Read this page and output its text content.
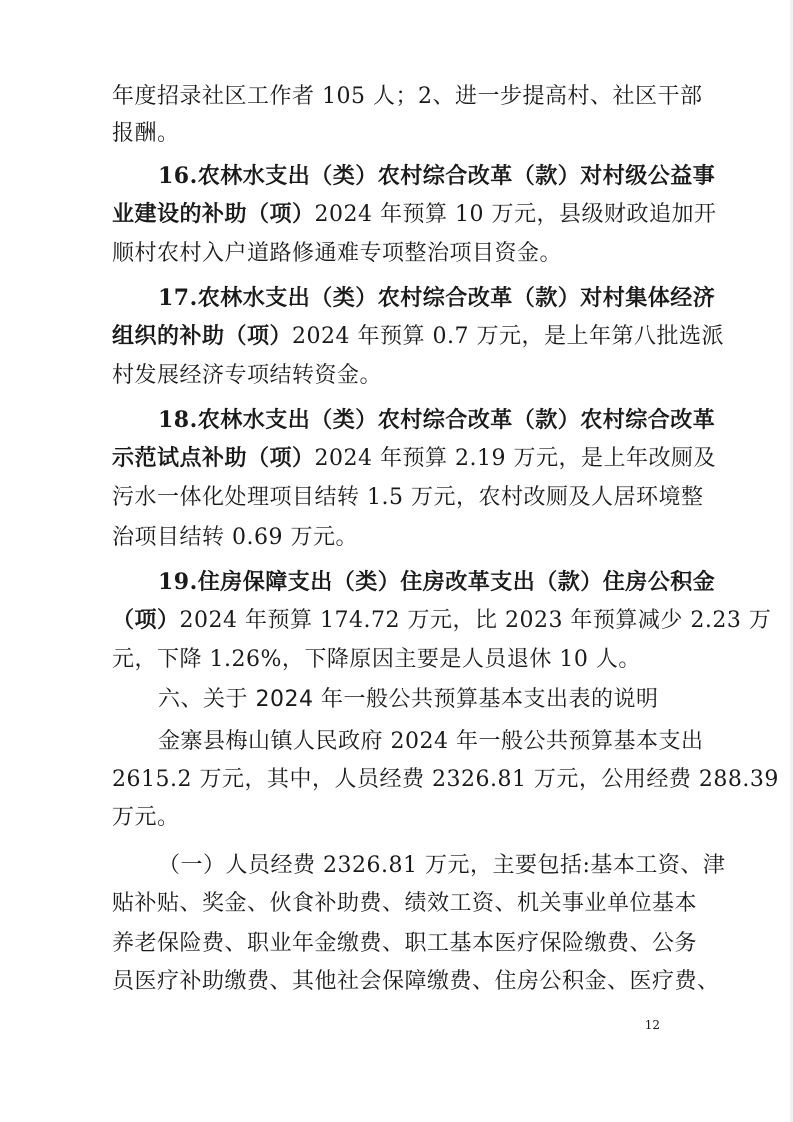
年度招录社区工作者 105 人；2、进一步提高村、社区干部
报酬。
16.农林水支出（类）农村综合改革（款）对村级公益事
业建设的补助（项）2024 年预算 10 万元，县级财政追加开
顺村农村入户道路修通难专项整治项目资金。
17.农林水支出（类）农村综合改革（款）对村集体经济
组织的补助（项）2024 年预算 0.7 万元，是上年第八批选派
村发展经济专项结转资金。
18.农林水支出（类）农村综合改革（款）农村综合改革
示范试点补助（项）2024 年预算 2.19 万元，是上年改厕及
污水一体化处理项目结转 1.5 万元，农村改厕及人居环境整
治项目结转 0.69 万元。
19.住房保障支出（类）住房改革支出（款）住房公积金
（项）2024 年预算 174.72 万元，比 2023 年预算减少 2.23 万
元，下降 1.26%，下降原因主要是人员退休 10 人。
六、关于 2024 年一般公共预算基本支出表的说明
金寨县梅山镇人民政府 2024 年一般公共预算基本支出
2615.2 万元，其中，人员经费 2326.81 万元，公用经费 288.39
万元。
（一）人员经费 2326.81 万元，主要包括:基本工资、津
贴补贴、奖金、伙食补助费、绩效工资、机关事业单位基本
养老保险费、职业年金缴费、职工基本医疗保险缴费、公务
员医疗补助缴费、其他社会保障缴费、住房公积金、医疗费、
12
